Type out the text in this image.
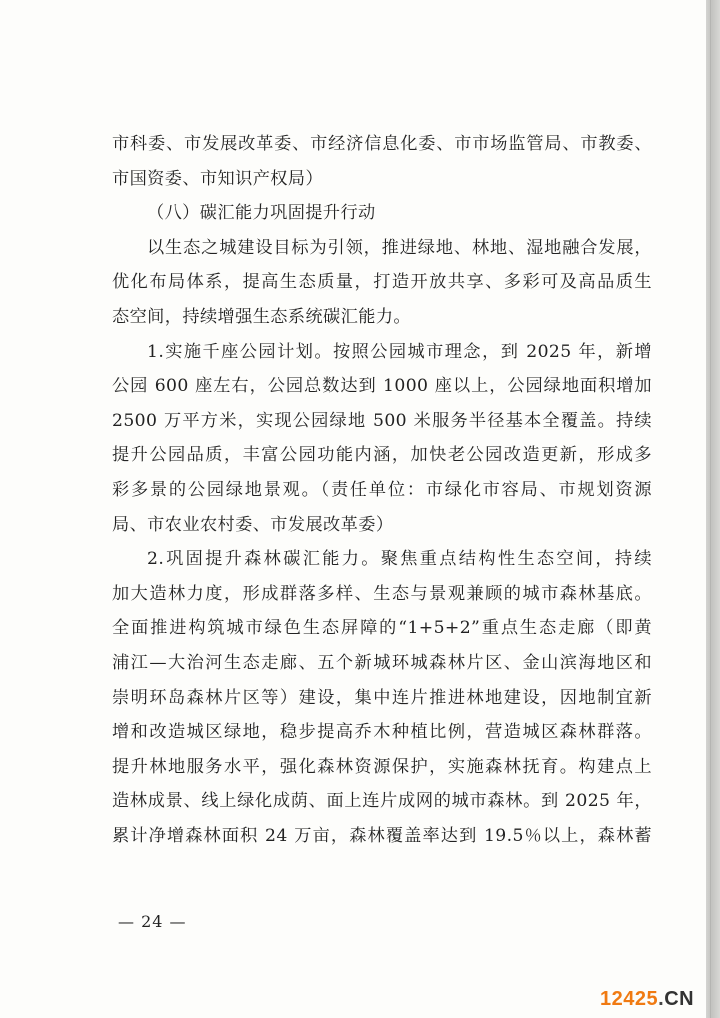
市科委、市发展改革委、市经济信息化委、市市场监管局、市教委、
市国资委、市知识产权局）
（八）碳汇能力巩固提升行动
以生态之城建设目标为引领，推进绿地、林地、湿地融合发展，
优化布局体系，提高生态质量，打造开放共享、多彩可及高品质生
态空间，持续增强生态系统碳汇能力。
1.实施千座公园计划。按照公园城市理念，到 2025 年，新增
公园 600 座左右，公园总数达到 1000 座以上，公园绿地面积增加
2500 万平方米，实现公园绿地 500 米服务半径基本全覆盖。持续
提升公园品质，丰富公园功能内涵，加快老公园改造更新，形成多
彩多景的公园绿地景观。（责任单位：市绿化市容局、市规划资源
局、市农业农村委、市发展改革委）
2.巩固提升森林碳汇能力。聚焦重点结构性生态空间，持续
加大造林力度，形成群落多样、生态与景观兼顾的城市森林基底。
全面推进构筑城市绿色生态屏障的“1+5+2”重点生态走廊（即黄
浦江—大治河生态走廊、五个新城环城森林片区、金山滨海地区和
崇明环岛森林片区等）建设，集中连片推进林地建设，因地制宜新
增和改造城区绿地，稳步提高乔木种植比例，营造城区森林群落。
提升林地服务水平，强化森林资源保护，实施森林抚育。构建点上
造林成景、线上绿化成荫、面上连片成网的城市森林。到 2025 年，
累计净增森林面积 24 万亩，森林覆盖率达到 19.5％以上，森林蓄
— 24 —
12425.CN
